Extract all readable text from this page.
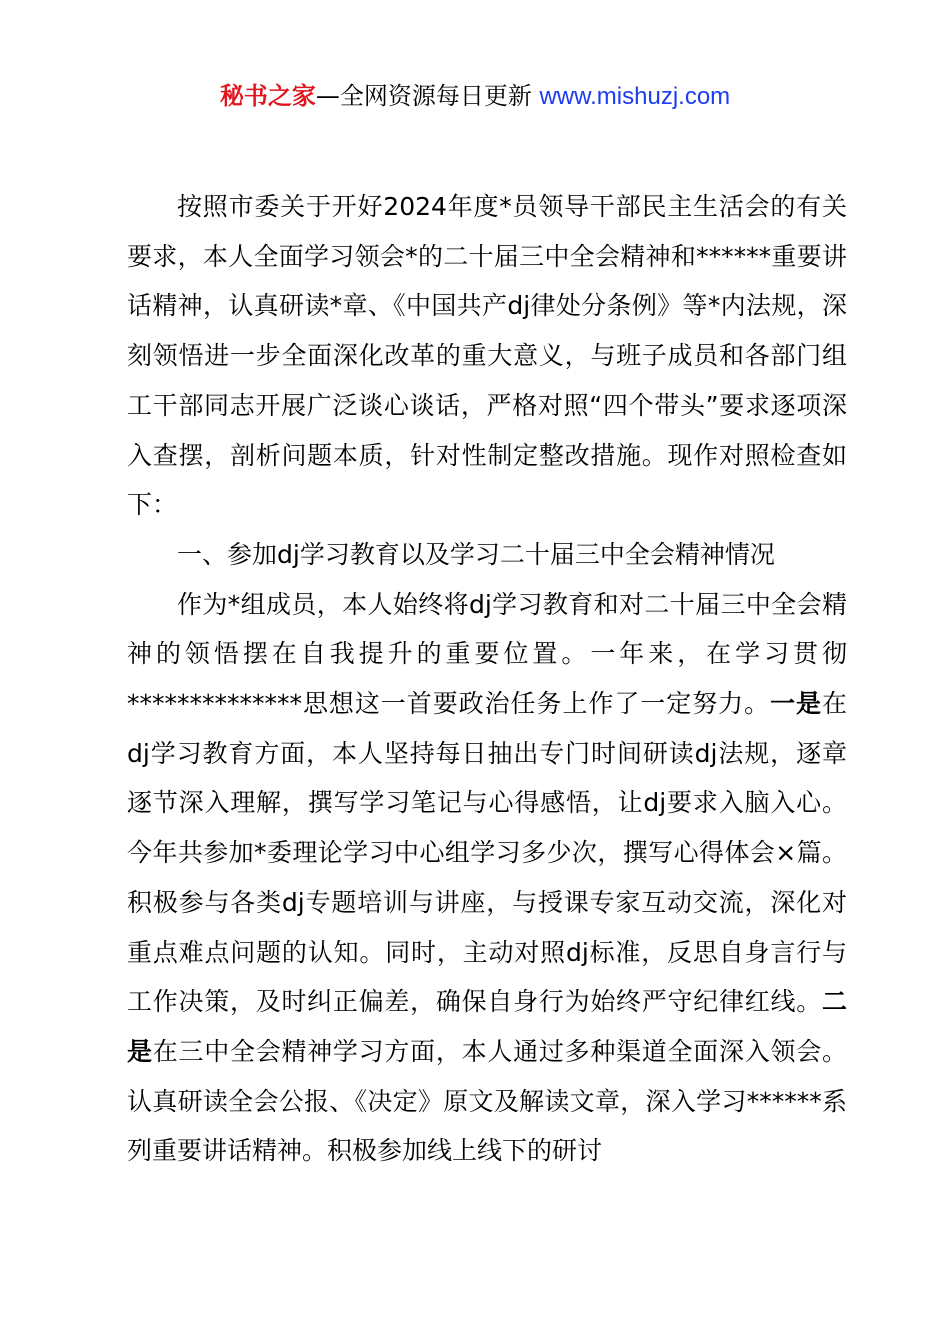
秘书之家—全网资源每日更新 www.mishuzj.com

按照市委关于开好2024年度*员领导干部民主生活会的有关要求，本人全面学习领会*的二十届三中全会精神和******重要讲话精神，认真研读*章、《中国共产dj律处分条例》等*内法规，深刻领悟进一步全面深化改革的重大意义，与班子成员和各部门组工干部同志开展广泛谈心谈话，严格对照“四个带头”要求逐项深入查摆，剖析问题本质，针对性制定整改措施。现作对照检查如下：

一、参加dj学习教育以及学习二十届三中全会精神情况

作为*组成员，本人始终将dj学习教育和对二十届三中全会精神的领悟摆在自我提升的重要位置。一年来，在学习贯彻**************思想这一首要政治任务上作了一定努力。一是在dj学习教育方面，本人坚持每日抽出专门时间研读dj法规，逐章逐节深入理解，撰写学习笔记与心得感悟，让dj要求入脑入心。今年共参加*委理论学习中心组学习多少次，撰写心得体会×篇。积极参与各类dj专题培训与讲座，与授课专家互动交流，深化对重点难点问题的认知。同时，主动对照dj标准，反思自身言行与工作决策，及时纠正偏差，确保自身行为始终严守纪律红线。二是在三中全会精神学习方面，本人通过多种渠道全面深入领会。认真研读全会公报、《决定》原文及解读文章，深入学习******系列重要讲话精神。积极参加线上线下的研讨
